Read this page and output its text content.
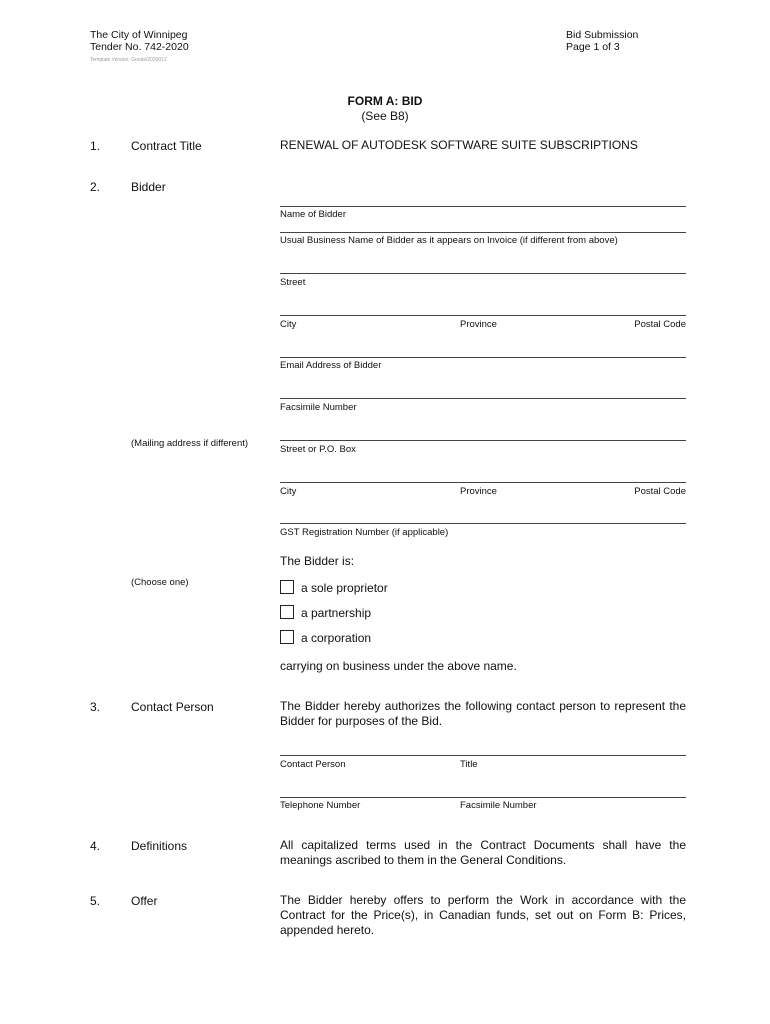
The City of Winnipeg
Tender No. 742-2020
Template Version: Goods/2020012
Bid Submission
Page 1 of 3
FORM A: BID
(See B8)
1.	Contract Title	RENEWAL OF AUTODESK SOFTWARE SUITE SUBSCRIPTIONS
2.	Bidder
Name of Bidder
Usual Business Name of Bidder as it appears on Invoice (if different from above)
Street
City	Province	Postal Code
Email Address of Bidder
Facsimile Number
(Mailing address if different)
Street or P.O. Box
City	Province	Postal Code
GST Registration Number (if applicable)
The Bidder is:
(Choose one)	a sole proprietor
a partnership
a corporation
carrying on business under the above name.
3.	Contact Person	The Bidder hereby authorizes the following contact person to represent the Bidder for purposes of the Bid.
Contact Person	Title
Telephone Number	Facsimile Number
4.	Definitions	All capitalized terms used in the Contract Documents shall have the meanings ascribed to them in the General Conditions.
5.	Offer	The Bidder hereby offers to perform the Work in accordance with the Contract for the Price(s), in Canadian funds, set out on Form B: Prices, appended hereto.
